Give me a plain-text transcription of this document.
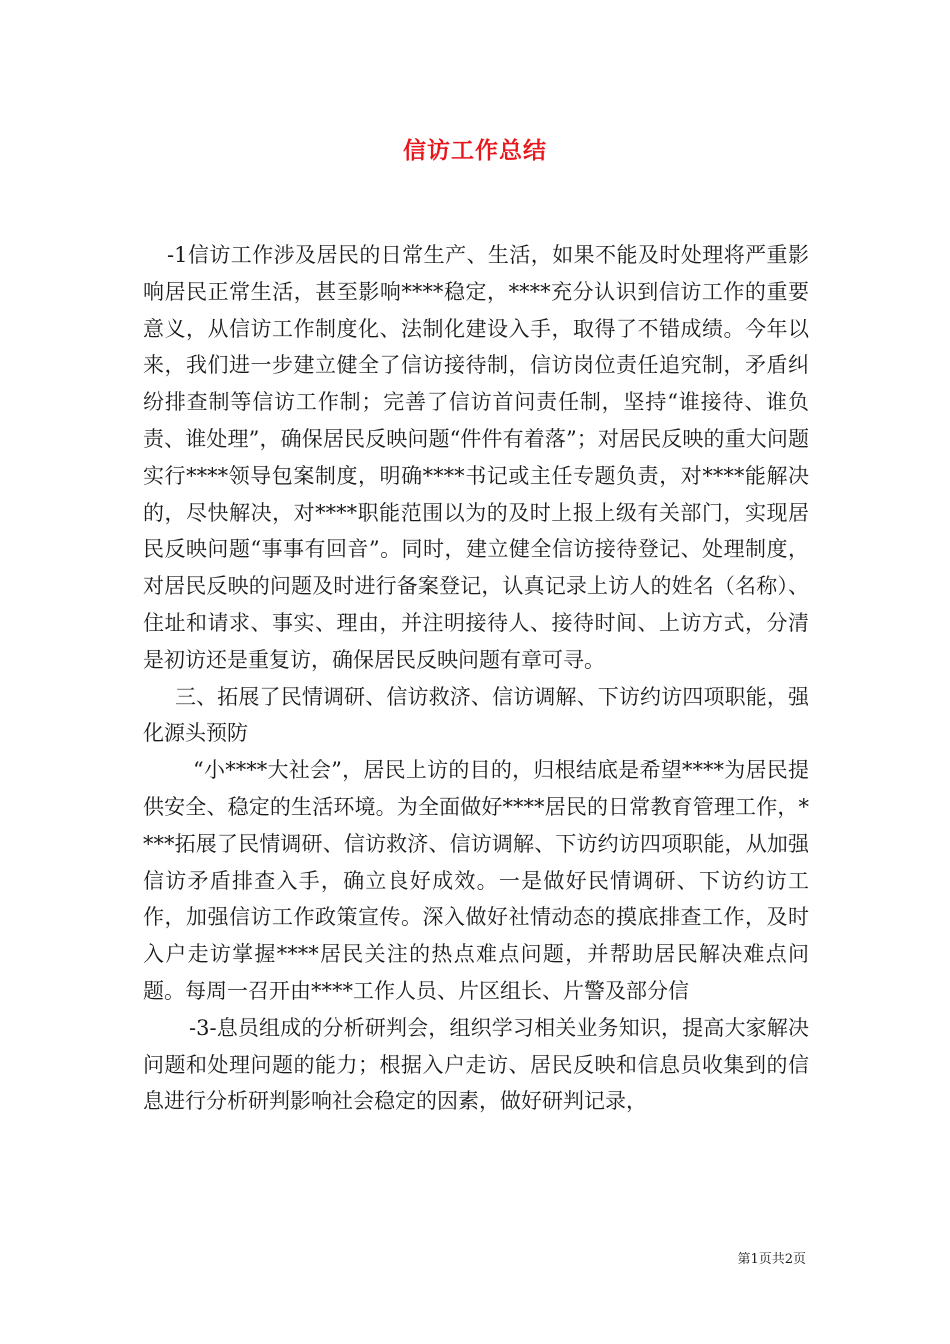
信访工作总结

-1信访工作涉及居民的日常生产、生活，如果不能及时处理将严重影响居民正常生活，甚至影响****稳定，****充分认识到信访工作的重要意义，从信访工作制度化、法制化建设入手，取得了不错成绩。今年以来，我们进一步建立健全了信访接待制，信访岗位责任追究制，矛盾纠纷排查制等信访工作制；完善了信访首问责任制，坚持“谁接待、谁负责、谁处理”，确保居民反映问题“件件有着落”；对居民反映的重大问题实行****领导包案制度，明确****书记或主任专题负责，对****能解决的，尽快解决，对****职能范围以为的及时上报上级有关部门，实现居民反映问题“事事有回音”。同时，建立健全信访接待登记、处理制度，对居民反映的问题及时进行备案登记，认真记录上访人的姓名（名称）、住址和请求、事实、理由，并注明接待人、接待时间、上访方式，分清是初访还是重复访，确保居民反映问题有章可寻。

三、拓展了民情调研、信访救济、信访调解、下访约访四项职能，强化源头预防

“小****大社会”，居民上访的目的，归根结底是希望****为居民提供安全、稳定的生活环境。为全面做好****居民的日常教育管理工作，****拓展了民情调研、信访救济、信访调解、下访约访四项职能，从加强信访矛盾排查入手，确立良好成效。一是做好民情调研、下访约访工作，加强信访工作政策宣传。深入做好社情动态的摸底排查工作，及时入户走访掌握****居民关注的热点难点问题，并帮助居民解决难点问题。每周一召开由****工作人员、片区组长、片警及部分信

-3-息员组成的分析研判会，组织学习相关业务知识，提高大家解决问题和处理问题的能力；根据入户走访、居民反映和信息员收集到的信息进行分析研判影响社会稳定的因素，做好研判记录，

第1页共2页
